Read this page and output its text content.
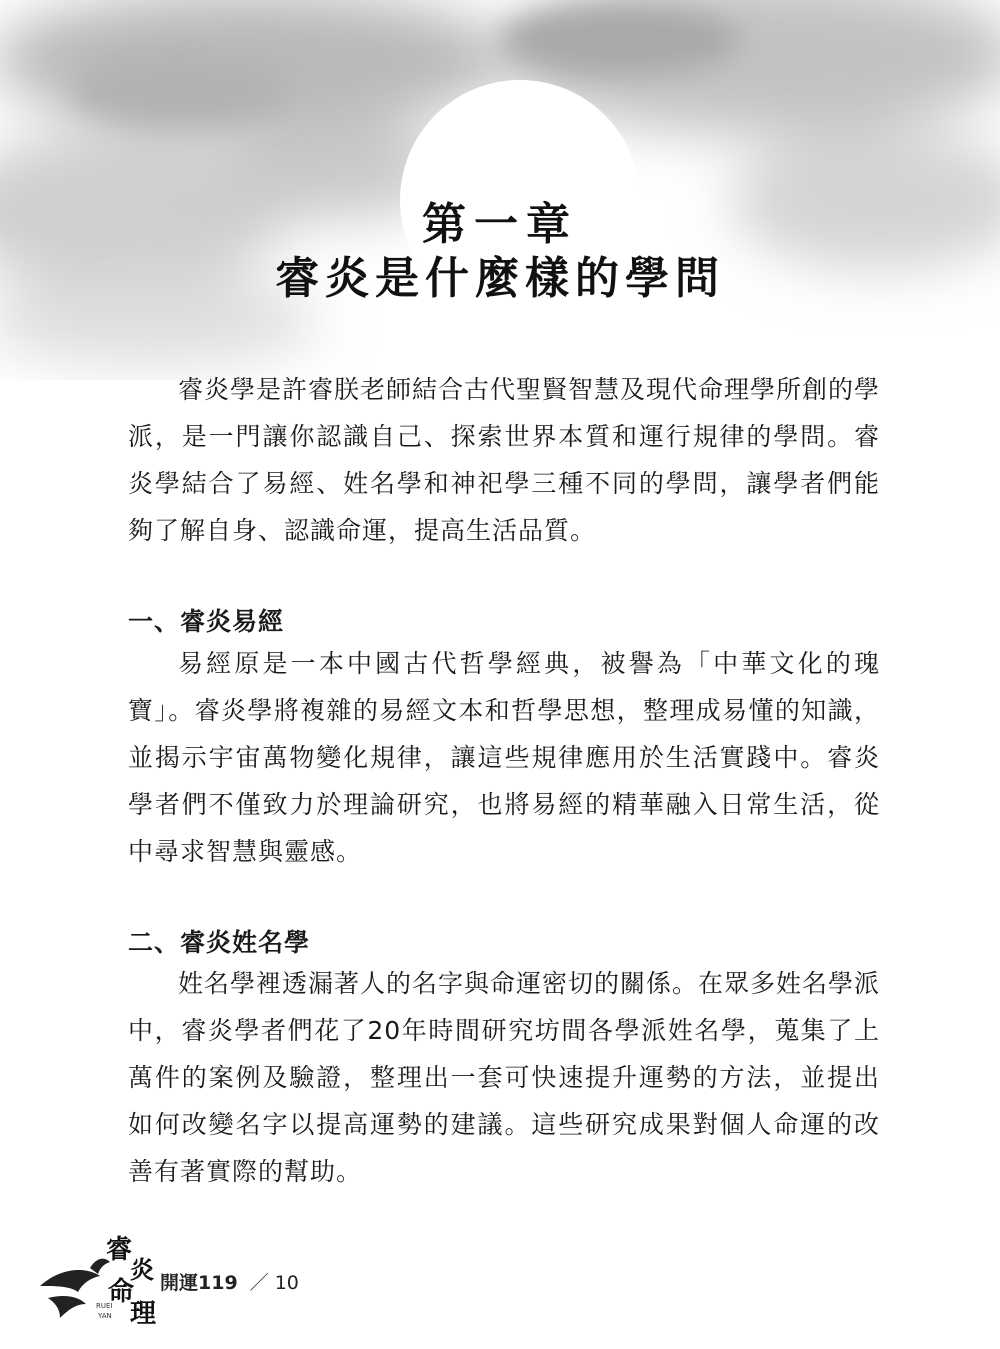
第一章
睿炎是什麼樣的學問

睿炎學是許睿朕老師結合古代聖賢智慧及現代命理學所創的學派，是一門讓你認識自己、探索世界本質和運行規律的學問。睿炎學結合了易經、姓名學和神祀學三種不同的學問，讓學者們能夠了解自身、認識命運，提高生活品質。

一、睿炎易經

易經原是一本中國古代哲學經典，被譽為「中華文化的瑰寶」。睿炎學將複雜的易經文本和哲學思想，整理成易懂的知識，並揭示宇宙萬物變化規律，讓這些規律應用於生活實踐中。睿炎學者們不僅致力於理論研究，也將易經的精華融入日常生活，從中尋求智慧與靈感。

二、睿炎姓名學

姓名學裡透漏著人的名字與命運密切的關係。在眾多姓名學派中，睿炎學者們花了20年時間研究坊間各學派姓名學，蒐集了上萬件的案例及驗證，整理出一套可快速提升運勢的方法，並提出如何改變名字以提高運勢的建議。這些研究成果對個人命運的改善有著實際的幫助。

睿
炎
命
理
RUEI
YAN
開運119 ／ 10
